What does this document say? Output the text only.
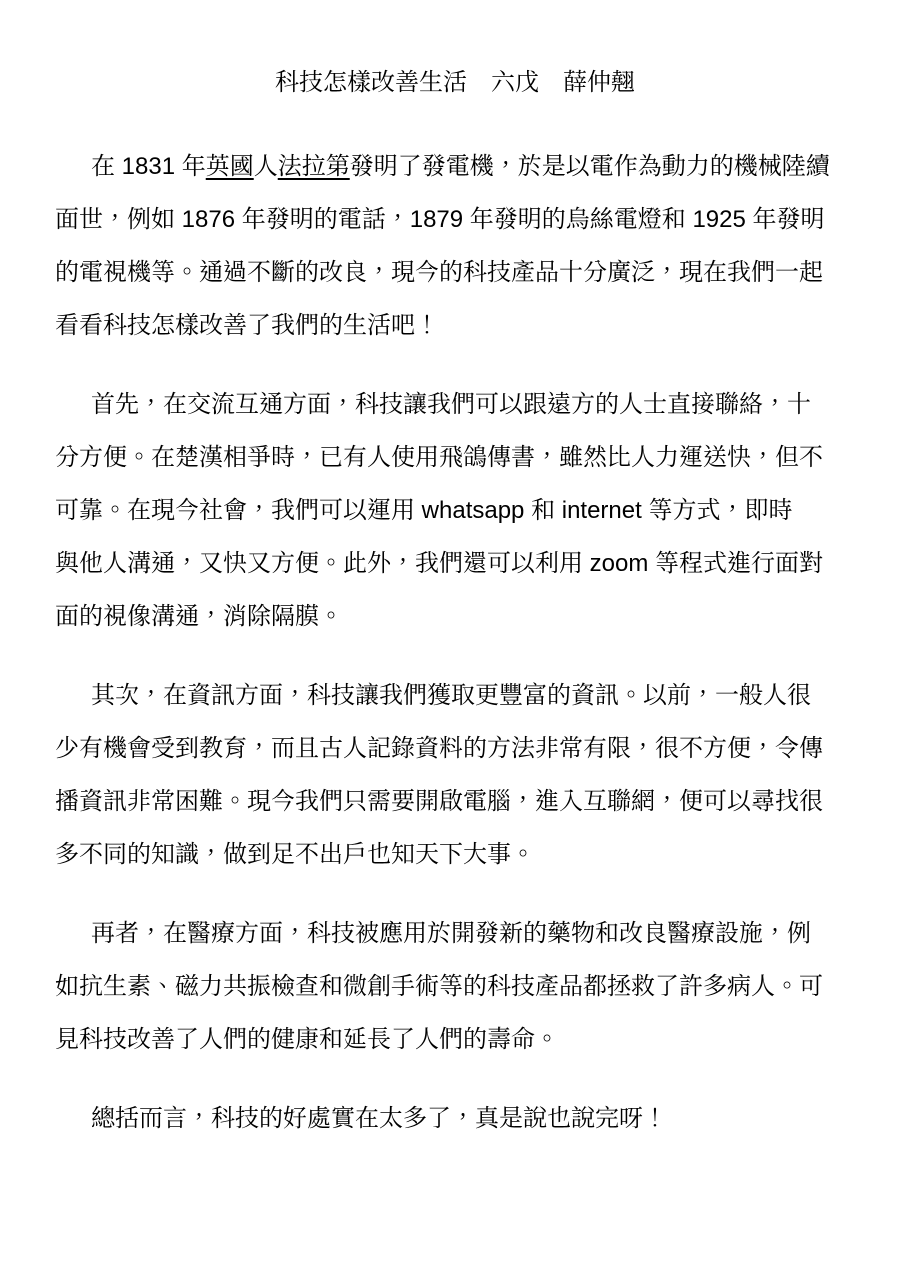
科技怎樣改善生活　六戊　薛仲翹
在 1831 年英國人法拉第發明了發電機，於是以電作為動力的機械陸續
面世，例如 1876 年發明的電話，1879 年發明的烏絲電燈和 1925 年發明
的電視機等。通過不斷的改良，現今的科技產品十分廣泛，現在我們一起
看看科技怎樣改善了我們的生活吧！
首先，在交流互通方面，科技讓我們可以跟遠方的人士直接聯絡，十
分方便。在楚漢相爭時，已有人使用飛鴿傳書，雖然比人力運送快，但不
可靠。在現今社會，我們可以運用 whatsapp 和 internet 等方式，即時
與他人溝通，又快又方便。此外，我們還可以利用 zoom 等程式進行面對
面的視像溝通，消除隔膜。
其次，在資訊方面，科技讓我們獲取更豐富的資訊。以前，一般人很
少有機會受到教育，而且古人記錄資料的方法非常有限，很不方便，令傳
播資訊非常困難。現今我們只需要開啟電腦，進入互聯網，便可以尋找很
多不同的知識，做到足不出戶也知天下大事。
再者，在醫療方面，科技被應用於開發新的藥物和改良醫療設施，例
如抗生素、磁力共振檢查和微創手術等的科技產品都拯救了許多病人。可
見科技改善了人們的健康和延長了人們的壽命。
總括而言，科技的好處實在太多了，真是說也說完呀！
